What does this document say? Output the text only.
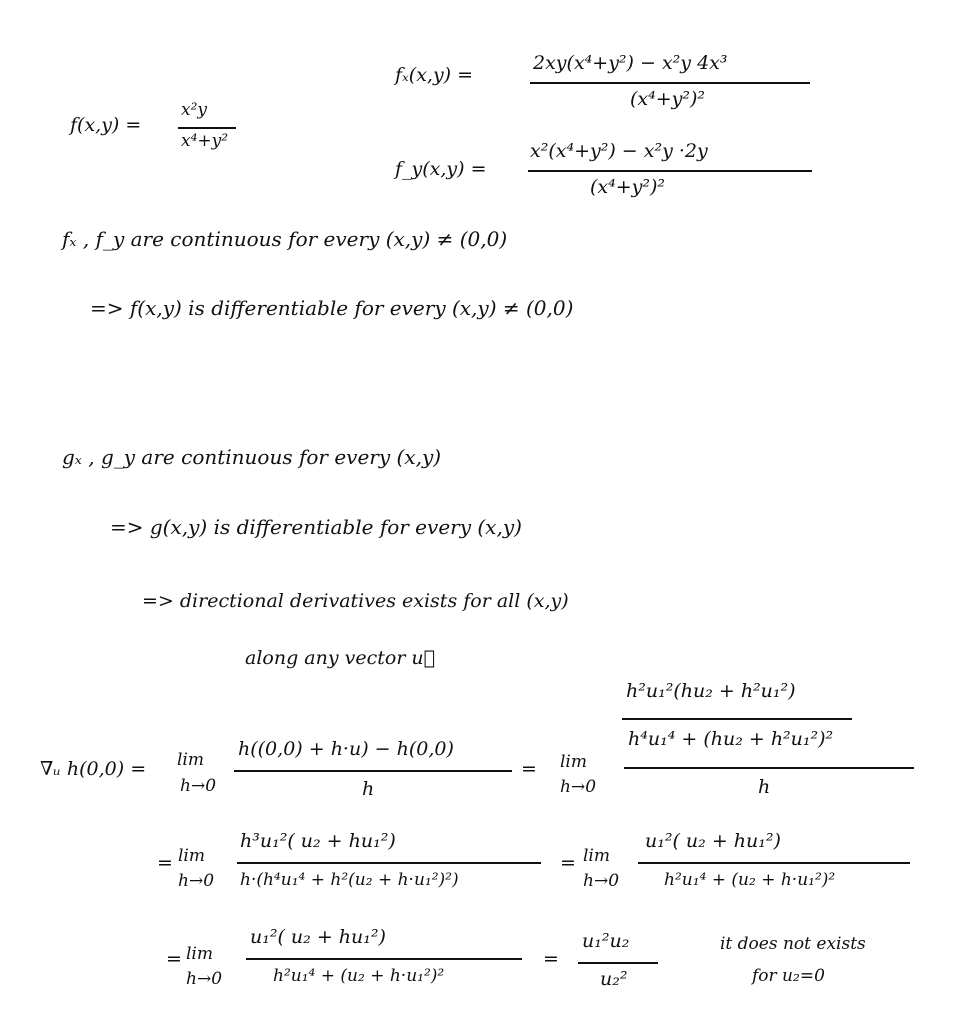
f(x,y) =
x²y
x⁴+y²
fₓ(x,y) =
2xy(x⁴+y²) − x²y 4x³
(x⁴+y²)²
f_y(x,y) =
x²(x⁴+y²) − x²y ·2y
(x⁴+y²)²
fₓ , f_y are continuous for every (x,y) ≠ (0,0)
=> f(x,y) is differentiable for every (x,y) ≠ (0,0)
gₓ , g_y are continuous for every (x,y)
=> g(x,y) is differentiable for every (x,y)
=> directional derivatives exists for all (x,y)
along any vector u⃗
∇ᵤ h(0,0) = lim
h→0
h((0,0) + h·u) − h(0,0)
h
= lim
h→0
h²u₁²(hu₂ + h²u₁²)
h⁴u₁⁴ + (hu₂ + h²u₁²)²
h
= lim
h→0
h³u₁²( u₂ + hu₁²)
h·(h⁴u₁⁴ + h²(u₂ + h·u₁²)²)
= lim
h→0
u₁²( u₂ + hu₁²)
h²u₁⁴ + (u₂ + h·u₁²)²
= lim
h→0
u₁²( u₂ + hu₁²)
h²u₁⁴ + (u₂ + h·u₁²)²
=
u₁²u₂
u₂²
it does not exists
for u₂=0
